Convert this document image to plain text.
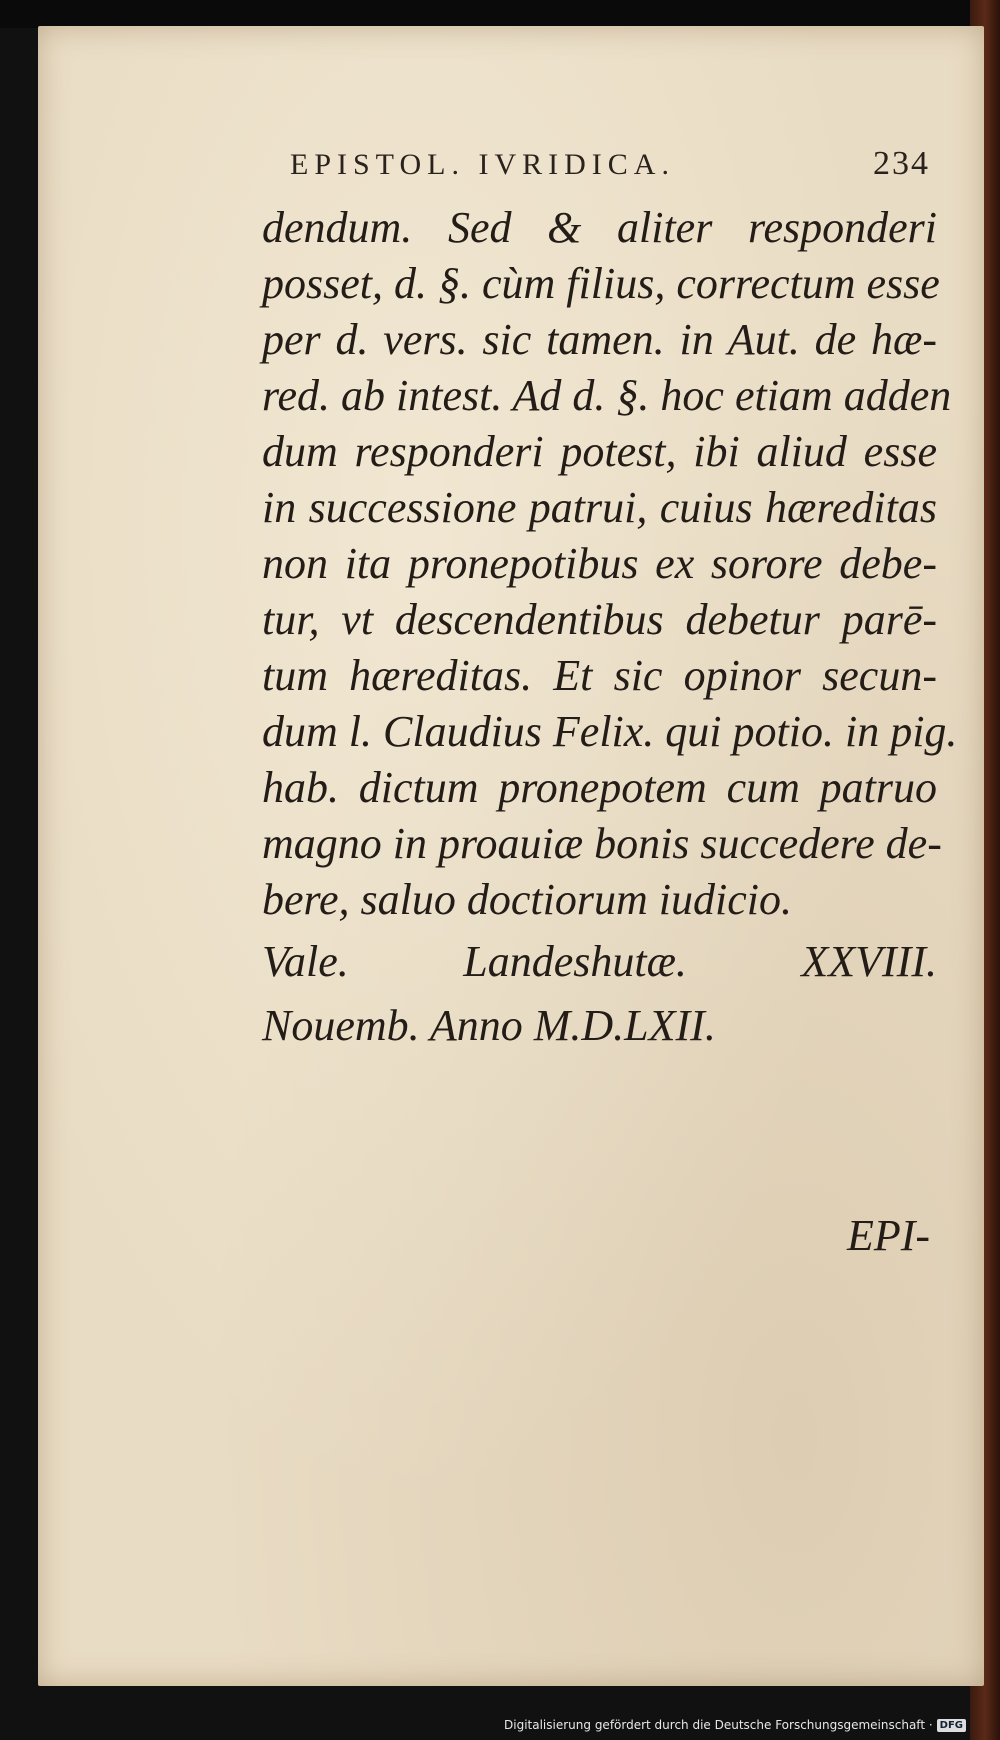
EPISTOL. IVRIDICA.	234
dendum. Sed & aliter responderi
posset, d. §. cùm filius, correctum esse
per d. vers. sic tamen. in Aut. de hæ-
red. ab intest. Ad d. §. hoc etiam adden
dum responderi potest, ibi aliud esse
in successione patrui, cuius hæreditas
non ita pronepotibus ex sorore debe-
tur, vt descendentibus debetur parē-
tum hæreditas. Et sic opinor secun-
dum l. Claudius Felix. qui potio. in pig.
hab. dictum pronepotem cum patruo
magno in proauiæ bonis succedere de-
bere, saluo doctiorum iudicio.
Vale. Landeshutæ. XXVIII.
Nouemb. Anno M.D.LXII.
EPI-
Digitalisierung gefördert durch die Deutsche Forschungsgemeinschaft · DFG
